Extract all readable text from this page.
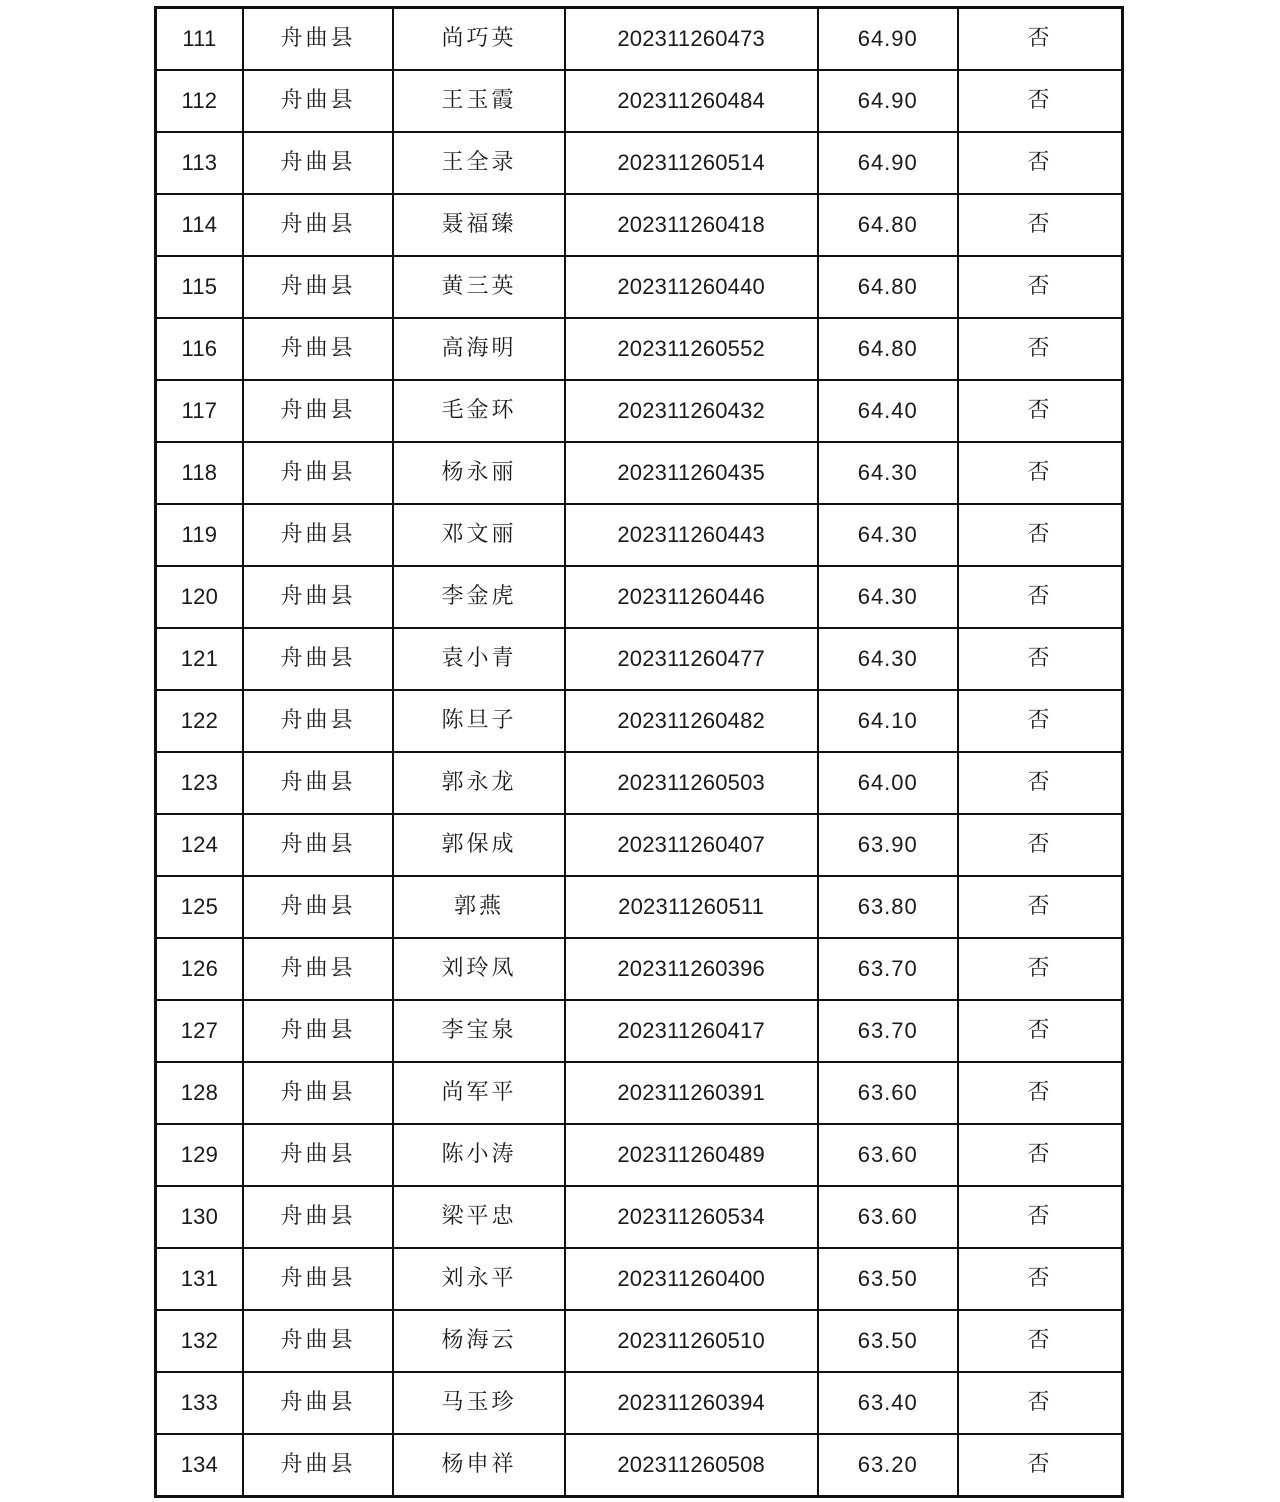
111	舟曲县	尚巧英	202311260473	64.90	否
112	舟曲县	王玉霞	202311260484	64.90	否
113	舟曲县	王全录	202311260514	64.90	否
114	舟曲县	聂福臻	202311260418	64.80	否
115	舟曲县	黄三英	202311260440	64.80	否
116	舟曲县	高海明	202311260552	64.80	否
117	舟曲县	毛金环	202311260432	64.40	否
118	舟曲县	杨永丽	202311260435	64.30	否
119	舟曲县	邓文丽	202311260443	64.30	否
120	舟曲县	李金虎	202311260446	64.30	否
121	舟曲县	袁小青	202311260477	64.30	否
122	舟曲县	陈旦子	202311260482	64.10	否
123	舟曲县	郭永龙	202311260503	64.00	否
124	舟曲县	郭保成	202311260407	63.90	否
125	舟曲县	郭燕	202311260511	63.80	否
126	舟曲县	刘玲凤	202311260396	63.70	否
127	舟曲县	李宝泉	202311260417	63.70	否
128	舟曲县	尚军平	202311260391	63.60	否
129	舟曲县	陈小涛	202311260489	63.60	否
130	舟曲县	梁平忠	202311260534	63.60	否
131	舟曲县	刘永平	202311260400	63.50	否
132	舟曲县	杨海云	202311260510	63.50	否
133	舟曲县	马玉珍	202311260394	63.40	否
134	舟曲县	杨申祥	202311260508	63.20	否
